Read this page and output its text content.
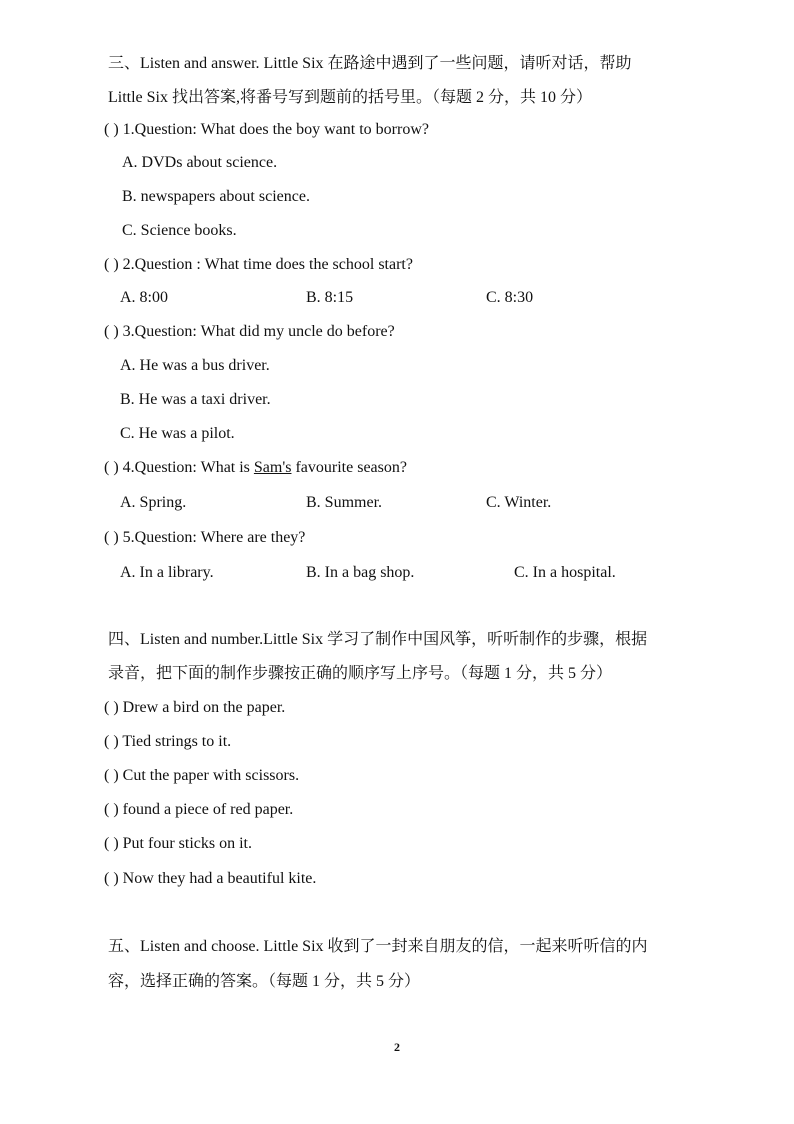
三、Listen and answer. Little Six 在路途中遇到了一些问题，请听对话，帮助
Little Six 找出答案,将番号写到题前的括号里。（每题 2 分，共 10 分）
( ) 1.Question: What does the boy want to borrow?
A. DVDs about science.
B. newspapers about science.
C. Science books.
( ) 2.Question : What time does the school start?
A. 8:00	B. 8:15	C. 8:30
( ) 3.Question: What did my uncle do before?
A. He was a bus driver.
B. He was a taxi driver.
C. He was a pilot.
( ) 4.Question: What is Sam's favourite season?
A. Spring.	B. Summer.	C. Winter.
( ) 5.Question: Where are they?
A. In a library.	B. In a bag shop.	C. In a hospital.
四、Listen and number.Little Six 学习了制作中国风筝，听听制作的步骤，根据
录音，把下面的制作步骤按正确的顺序写上序号。（每题 1 分，共 5 分）
( ) Drew a bird on the paper.
( ) Tied strings to it.
( ) Cut the paper with scissors.
( ) found a piece of red paper.
( ) Put four sticks on it.
( ) Now they had a beautiful kite.
五、Listen and choose. Little Six 收到了一封来自朋友的信，一起来听听信的内
容，选择正确的答案。（每题 1 分，共 5 分）
2
